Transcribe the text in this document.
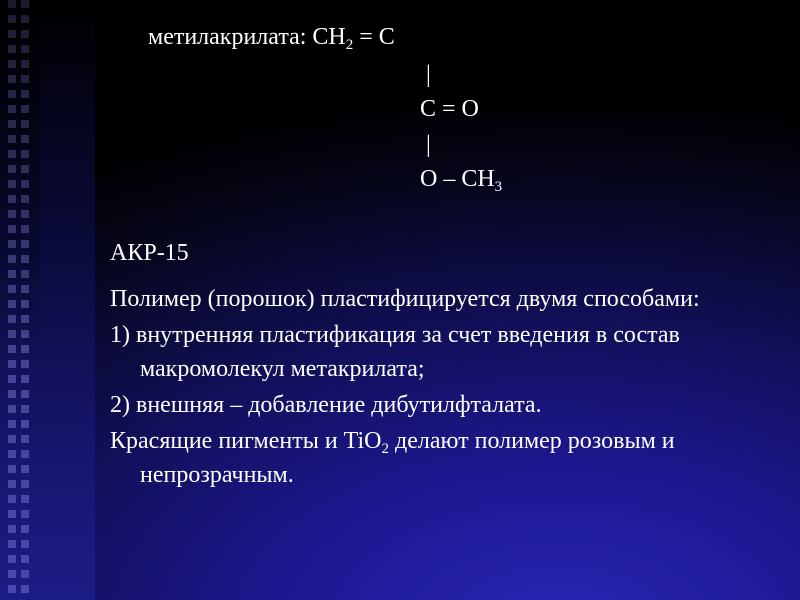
метилакрилата: $CH_2 = C$
|
C = O
|
O – $CH_3$

АКР-15

Полимер (порошок) пластифицируется двумя способами:

1) внутренняя пластификация за счет введения в состав макромолекул метакрилата;

2) внешняя – добавление дибутилфталата.

Красящие пигменты и TiO$_2$ делают полимер розовым и непрозрачным.
